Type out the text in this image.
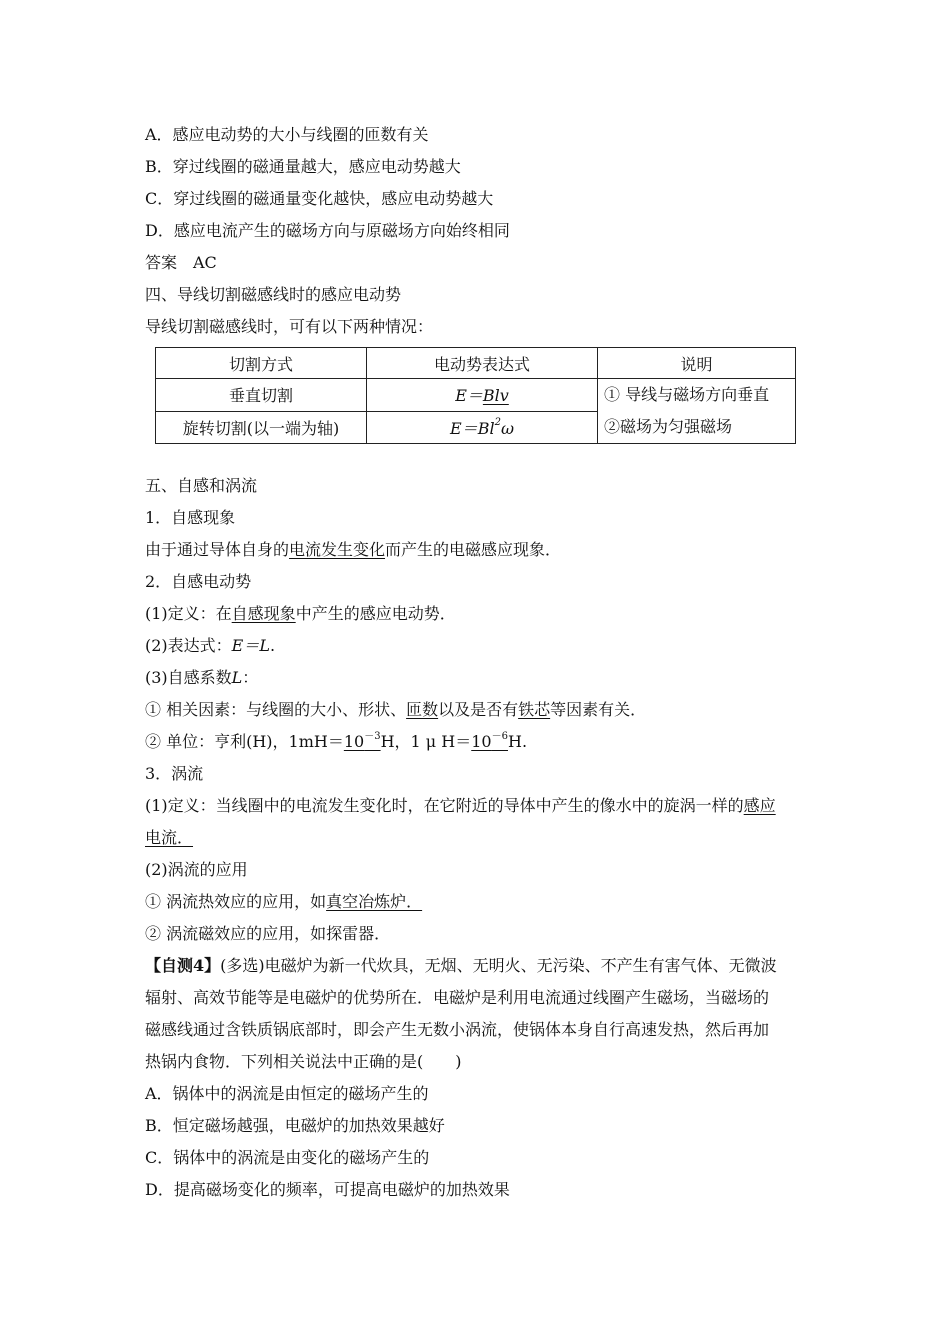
A．感应电动势的大小与线圈的匝数有关
B．穿过线圈的磁通量越大，感应电动势越大
C．穿过线圈的磁通量变化越快，感应电动势越大
D．感应电流产生的磁场方向与原磁场方向始终相同
答案　AC
四、导线切割磁感线时的感应电动势
导线切割磁感线时，可有以下两种情况：
切割方式	电动势表达式	说明
垂直切割	E＝Blv	① 导线与磁场方向垂直
②磁场为匀强磁场

旋转切割(以一端为轴)	$E=Bl^2\omega$	
五、自感和涡流
1．自感现象
由于通过导体自身的电流发生变化而产生的电磁感应现象．
2．自感电动势
(1)定义：在自感现象中产生的感应电动势．
(2)表达式：E＝L.
(3)自感系数L：
① 相关因素：与线圈的大小、形状、匝数以及是否有铁芯等因素有关．
② 单位：亨利(H)，$1mH=10^{-3}H$，1 μ $H=10^{-6}H$.
3．涡流
(1)定义：当线圈中的电流发生变化时，在它附近的导体中产生的像水中的旋涡一样的感应
电流．
(2)涡流的应用
① 涡流热效应的应用，如真空冶炼炉．
② 涡流磁效应的应用，如探雷器．
【自测4】(多选)电磁炉为新一代炊具，无烟、无明火、无污染、不产生有害气体、无微波
辐射、高效节能等是电磁炉的优势所在．电磁炉是利用电流通过线圈产生磁场，当磁场的
磁感线通过含铁质锅底部时，即会产生无数小涡流，使锅体本身自行高速发热，然后再加
热锅内食物．下列相关说法中正确的是(　　)
A．锅体中的涡流是由恒定的磁场产生的
B．恒定磁场越强，电磁炉的加热效果越好
C．锅体中的涡流是由变化的磁场产生的
D．提高磁场变化的频率，可提高电磁炉的加热效果
